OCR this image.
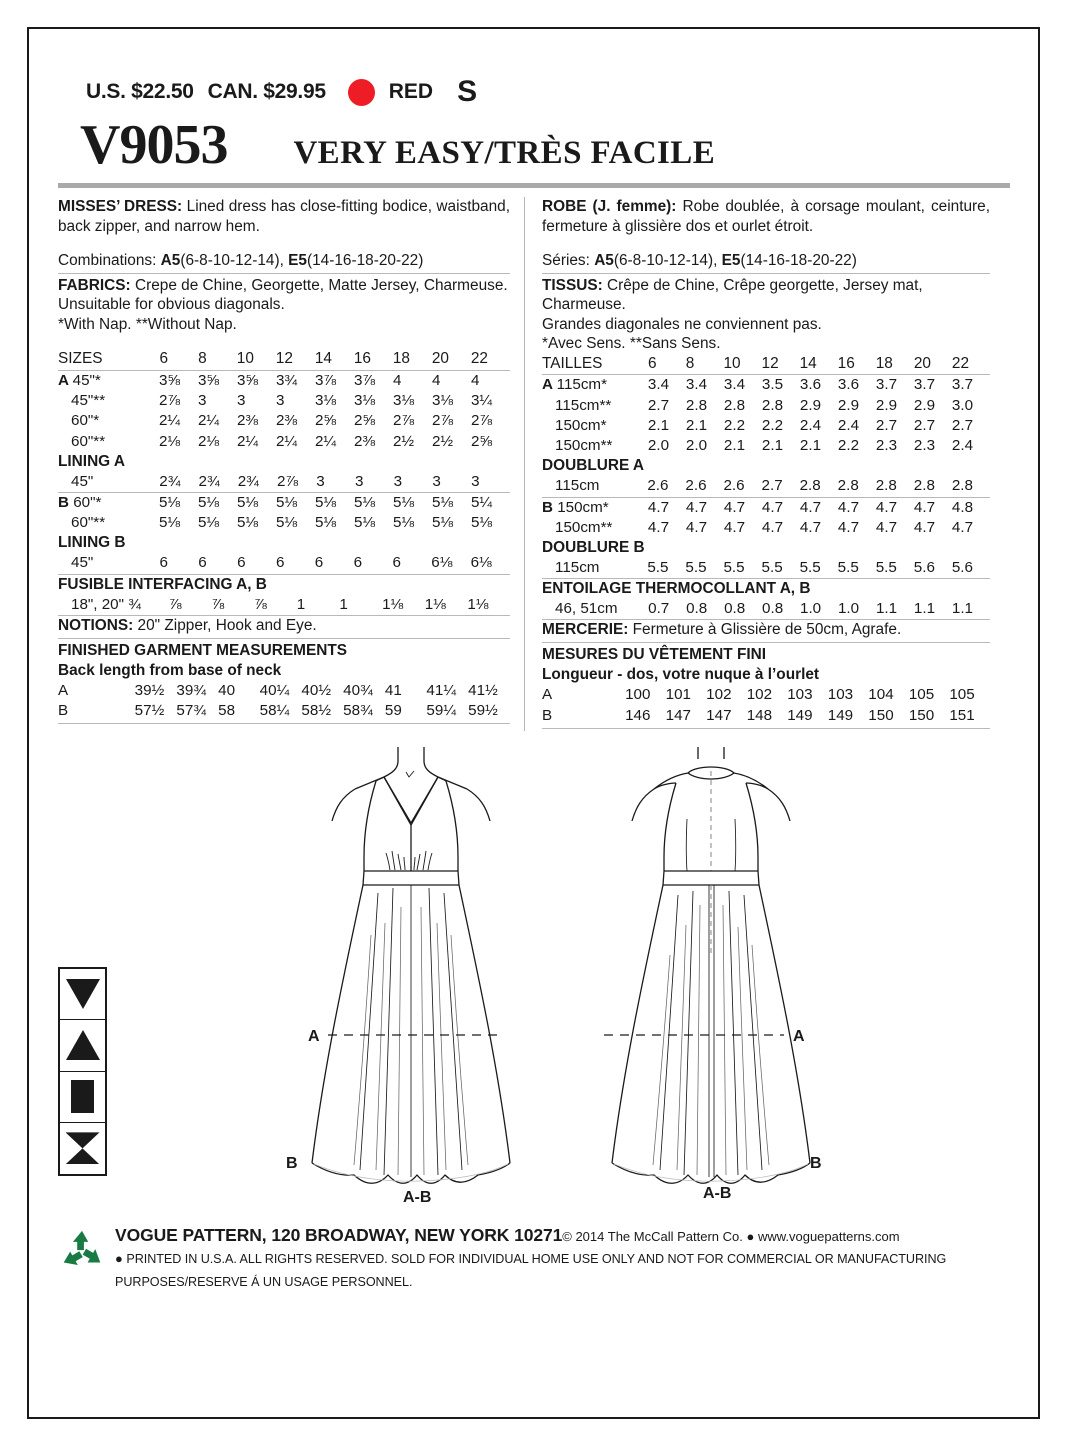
U.S. $22.50 CAN. $29.95	RED S
V9053 VERY EASY/TRÈS FACILE
MISSES’ DRESS: Lined dress has close-fitting bodice, waistband, back zipper, and narrow hem.
Combinations: A5(6-8-10-12-14), E5(14-16-18-20-22)
FABRICS: Crepe de Chine, Georgette, Matte Jersey, Charmeuse.
Unsuitable for obvious diagonals.
*With Nap. **Without Nap.
SIZES	6	8	10	12	14	16	18	20	22
A 45"*	3⅝	3⅝	3⅝	3¾	3⅞	3⅞	4	4	4
45"**	2⅞	3	3	3	3⅛	3⅛	3⅛	3⅛	3¼
60"*	2¼	2¼	2⅜	2⅜	2⅝	2⅝	2⅞	2⅞	2⅞
60"**	2⅛	2⅛	2¼	2¼	2¼	2⅜	2½	2½	2⅝
LINING A
45"	2¾	2¾	2¾	2⅞	3	3	3	3	3
B 60"*	5⅛	5⅛	5⅛	5⅛	5⅛	5⅛	5⅛	5⅛	5¼
60"**	5⅛	5⅛	5⅛	5⅛	5⅛	5⅛	5⅛	5⅛	5⅛
LINING B
45"	6	6	6	6	6	6	6	6⅛	6⅛
FUSIBLE INTERFACING A, B
18", 20" ¾	⅞	⅞	⅞	1	1	1⅛	1⅛	1⅛
NOTIONS: 20" Zipper, Hook and Eye.
FINISHED GARMENT MEASUREMENTS
Back length from base of neck
A	39½	39¾	40	40¼	40½	40¾	41	41¼	41½
B	57½	57¾	58	58¼	58½	58¾	59	59¼	59½
ROBE (J. femme): Robe doublée, à corsage moulant, ceinture, fermeture à glissière dos et ourlet étroit.
Séries: A5(6-8-10-12-14), E5(14-16-18-20-22)
TISSUS: Crêpe de Chine, Crêpe georgette, Jersey mat, Charmeuse.
Grandes diagonales ne conviennent pas.
*Avec Sens. **Sans Sens.
TAILLES	6	8	10	12	14	16	18	20	22
A 115cm*	3.4	3.4	3.4	3.5	3.6	3.6	3.7	3.7	3.7
115cm**	2.7	2.8	2.8	2.8	2.9	2.9	2.9	2.9	3.0
150cm*	2.1	2.1	2.2	2.2	2.4	2.4	2.7	2.7	2.7
150cm**	2.0	2.0	2.1	2.1	2.1	2.2	2.3	2.3	2.4
DOUBLURE A
115cm	2.6	2.6	2.6	2.7	2.8	2.8	2.8	2.8	2.8
B 150cm*	4.7	4.7	4.7	4.7	4.7	4.7	4.7	4.7	4.8
150cm**	4.7	4.7	4.7	4.7	4.7	4.7	4.7	4.7	4.7
DOUBLURE B
115cm	5.5	5.5	5.5	5.5	5.5	5.5	5.5	5.6	5.6
ENTOILAGE THERMOCOLLANT A, B
46, 51cm	0.7	0.8	0.8	0.8	1.0	1.0	1.1	1.1	1.1
MERCERIE: Fermeture à Glissière de 50cm, Agrafe.
MESURES DU VÊTEMENT FINI
Longueur - dos, votre nuque à l’ourlet
A	100	101	102	102	103	103	104	105	105
B	146	147	147	148	149	149	150	150	151
A
B
A-B
A
B
A-B
VOGUE PATTERN, 120 BROADWAY, NEW YORK 10271© 2014 The McCall Pattern Co. ● www.voguepatterns.com
● PRINTED IN U.S.A. ALL RIGHTS RESERVED. SOLD FOR INDIVIDUAL HOME USE ONLY AND NOT FOR COMMERCIAL OR MANUFACTURING
PURPOSES/RESERVE Á UN USAGE PERSONNEL.
